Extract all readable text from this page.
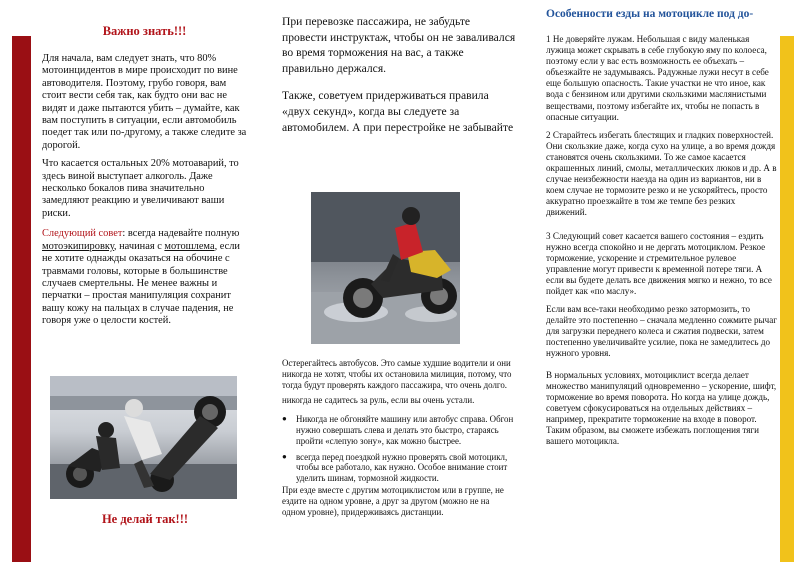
Важно знать!!!

Для начала, вам следует знать, что 80% мотоинцидентов в мире происходит по вине автоводителя. Поэтому, грубо говоря, вам стоит вести себя так, как будто они вас не видят и даже пытаются убить – думайте, как вам поступить в ситуации, если автомобиль поедет так или по-другому, а также следите за дорогой.

Что касается остальных 20% мотоаварий, то здесь виной выступает алкоголь. Даже несколько бокалов пива значительно замедляют реакцию и увеличивают ваши риски.

Следующий совет: всегда надевайте полную мотоэкипировку, начиная с мотошлема, если не хотите однажды оказаться на обочине с травмами головы, которые в большинстве случаев смертельны. Не менее важны и перчатки – простая манипуляция сохранит вашу кожу на пальцах в случае падения, не говоря уже о целости костей.

Не делай так!!!

При перевозке пассажира, не забудьте провести инструктаж, чтобы он не заваливался во время торможения на вас, а также правильно держался.

Также, советуем придерживаться правила «двух секунд», когда вы следуете за автомобилем. А при перестройке не забывайте

Остерегайтесь автобусов. Это самые худшие водители и они никогда не хотят, чтобы их остановила милиция, потому, что тогда будут проверять каждого пассажира, что очень долго.

никогда не садитесь за руль, если вы очень устали.

●	Никогда не обгоняйте машину или автобус справа. Обгон нужно совершать слева и делать это быстро, стараясь пройти «слепую зону», как можно быстрее.
●	всегда перед поездкой нужно проверять свой мотоцикл, чтобы все работало, как нужно. Особое внимание стоит уделить шинам, тормозной жидкости.

При езде вместе с другим мотоциклистом или в группе, не ездите на одном уровне, а друг за другом (можно не на одном уровне), придерживаясь дистанции.

Особенности езды на мотоцикле под до-

1 Не доверяйте лужам. Небольшая с виду маленькая лужица может скрывать в себе глубокую яму по колоеса, поэтому если у вас есть возможность ее объехать – объезжайте не задумываясь. Радужные лужи несут в себе еще большую опасность. Такие участки не что иное, как вода с бензином или другими скользкими маслянистыми веществами, поэтому избегайте их, чтобы не попасть в опасные ситуации.

2 Старайтесь избегать блестящих и гладких поверхностей. Они скользкие даже, когда сухо на улице, а во время дождя становятся очень скользкими. То же самое касается окрашенных линий, смолы, металлических люков и др. А в случае неизбежности наезда на один из вариантов, ни в коем случае не тормозите резко и не ускоряйтесь, просто аккуратно проезжайте в том же темпе без резких движений.

3 Следующий совет касается вашего состояния – ездить нужно всегда спокойно и не дергать мотоциклом. Резкое торможение, ускорение и стремительное рулевое управление могут привести к временной потере тяги. А если вы будете делать все движения мягко и нежно, то все пойдет как «по маслу».

Если вам все-таки необходимо резко затормозить, то делайте это постепенно – сначала медленно сожмите рычаг для загрузки переднего колеса и сжатия подвески, затем постепенно увеличивайте усилие, пока не замедлитесь до нужного уровня.

В нормальных условиях, мотоциклист всегда делает множество манипуляций одновременно – ускорение, шифт, торможение во время поворота. Но когда на улице дождь, советуем сфокусироваться на отдельных действиях – например, прекратите торможение на входе в поворот. Таким образом, вы сможете избежать поглощения тяги вашего мотоцикла.
